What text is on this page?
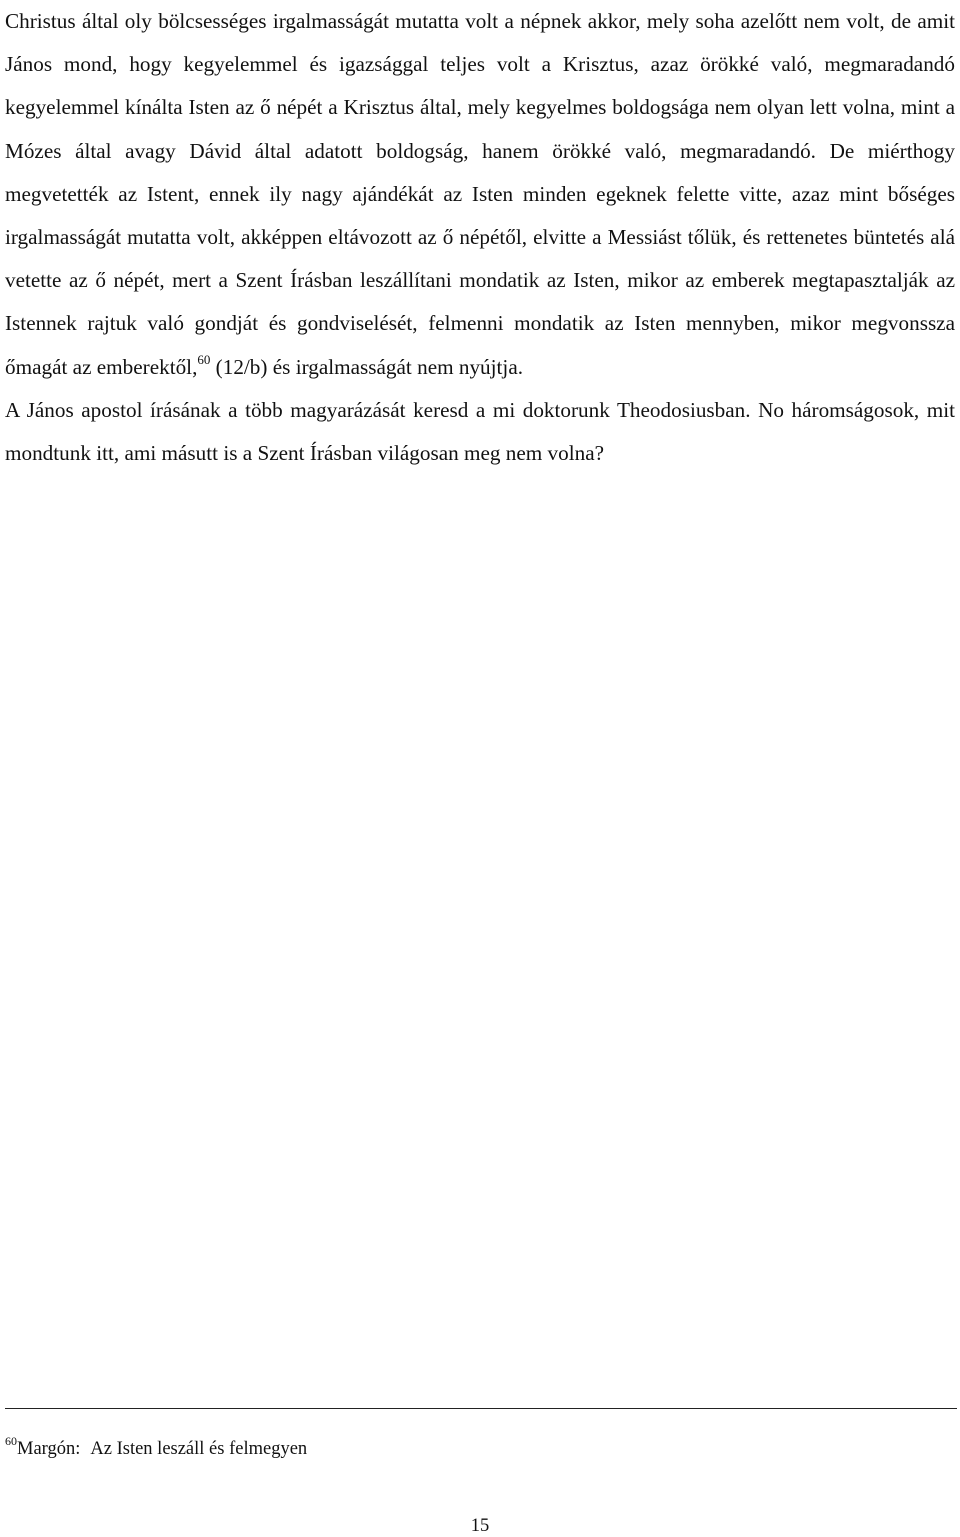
Christus által oly bölcsességes irgalmasságát mutatta volt a népnek akkor, mely soha azelőtt nem volt, de amit János mond, hogy kegyelemmel és igazsággal teljes volt a Krisztus, azaz örökké való, megmaradandó kegyelemmel kínálta Isten az ő népét a Krisztus által, mely kegyelmes boldogsága nem olyan lett volna, mint a Mózes által avagy Dávid által adatott boldogság, hanem örökké való, megmaradandó. De miérthogy megvetették az Istent, ennek ily nagy ajándékát az Isten minden egeknek felette vitte, azaz mint bőséges irgalmasságát mutatta volt, akképpen eltávozott az ő népétől, elvitte a Messiást tőlük, és rettenetes büntetés alá vetette az ő népét, mert a Szent Írásban leszállítani mondatik az Isten, mikor az emberek megtapasztalják az Istennek rajtuk való gondját és gondviselését, felmenni mondatik az Isten mennyben, mikor megvonssza őmagát az emberektől,$^{60}$ (12/b) és irgalmasságát nem nyújtja.
A János apostol írásának a több magyarázását keresd a mi doktorunk Theodosiusban. No háromságosok, mit mondtunk itt, ami másutt is a Szent Írásban világosan meg nem volna?
$^{60}$Margón: Az Isten leszáll és felmegyen
15
